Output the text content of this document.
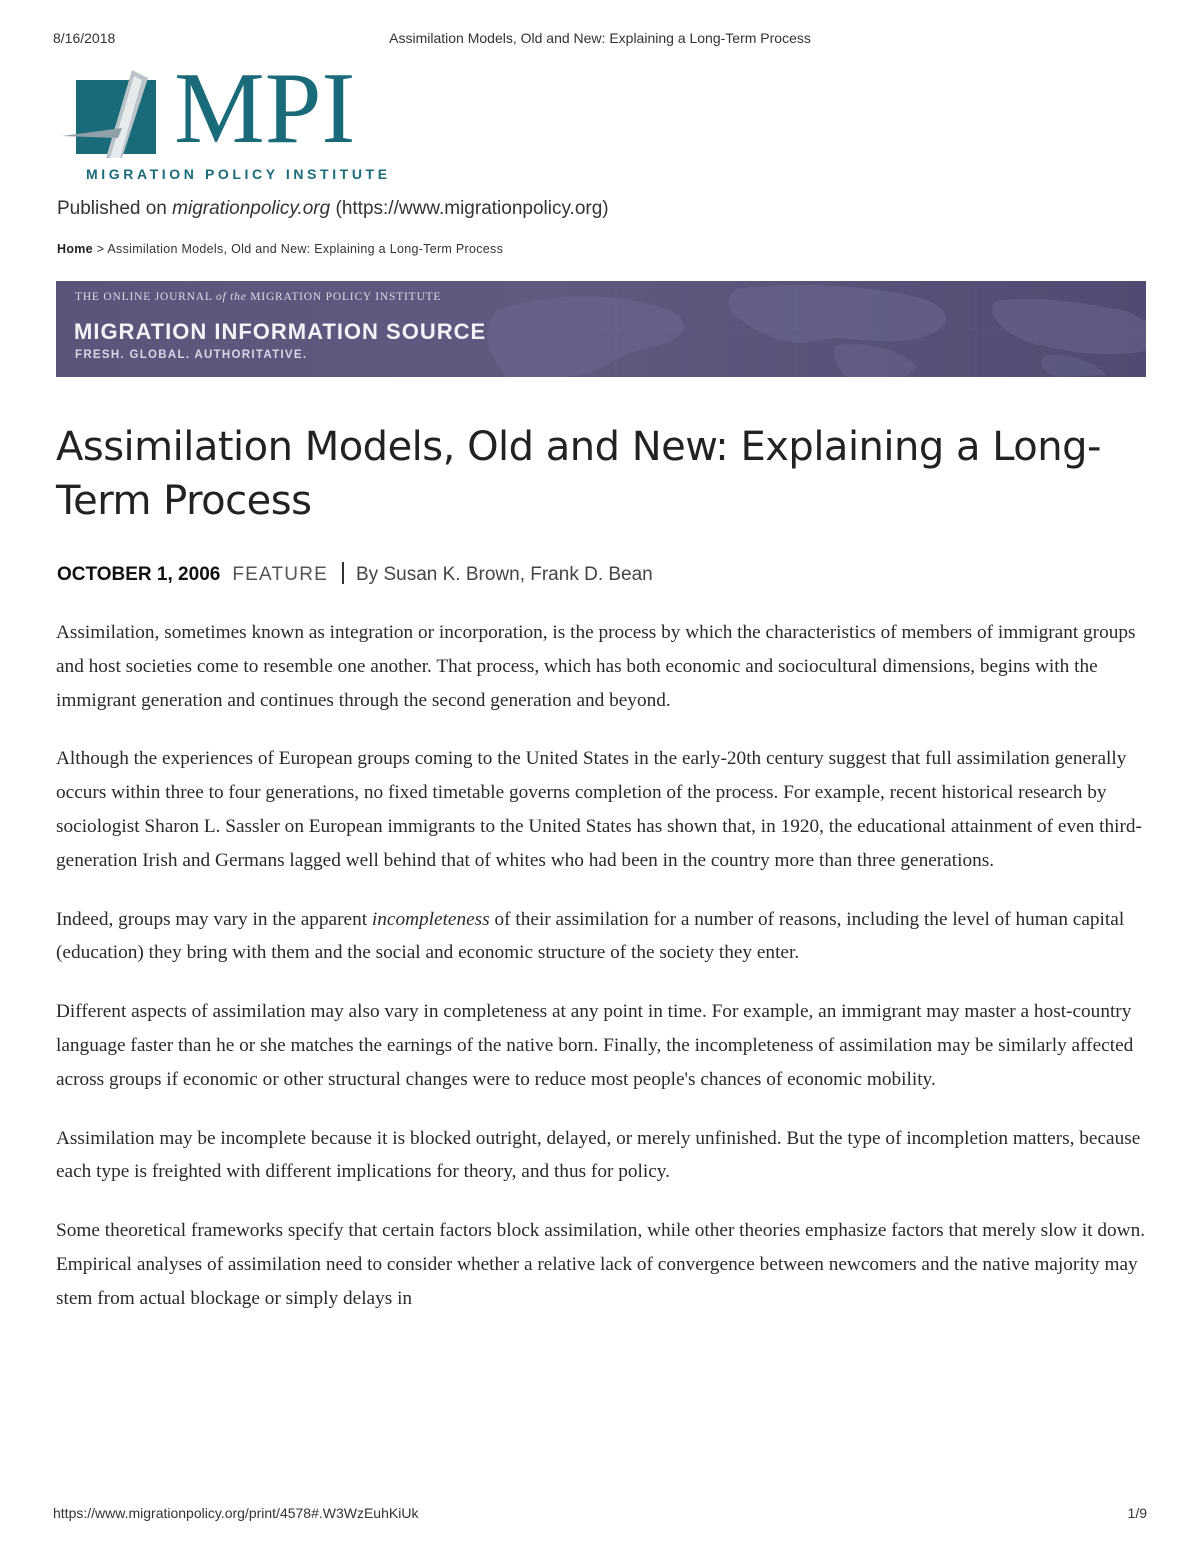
8/16/2018	Assimilation Models, Old and New: Explaining a Long-Term Process
MPI
MIGRATION POLICY INSTITUTE
Published on migrationpolicy.org (https://www.migrationpolicy.org)
Home > Assimilation Models, Old and New: Explaining a Long-Term Process
THE ONLINE JOURNAL of the MIGRATION POLICY INSTITUTE
MIGRATION INFORMATION SOURCE
FRESH. GLOBAL. AUTHORITATIVE.
Assimilation Models, Old and New: Explaining a Long-Term Process
OCTOBER 1, 2006 FEATURE By Susan K. Brown, Frank D. Bean

Assimilation, sometimes known as integration or incorporation, is the process by which the characteristics of members of immigrant groups and host societies come to resemble one another. That process, which has both economic and sociocultural dimensions, begins with the immigrant generation and continues through the second generation and beyond.

Although the experiences of European groups coming to the United States in the early-20th century suggest that full assimilation generally occurs within three to four generations, no fixed timetable governs completion of the process. For example, recent historical research by sociologist Sharon L. Sassler on European immigrants to the United States has shown that, in 1920, the educational attainment of even third-generation Irish and Germans lagged well behind that of whites who had been in the country more than three generations.

Indeed, groups may vary in the apparent incompleteness of their assimilation for a number of reasons, including the level of human capital (education) they bring with them and the social and economic structure of the society they enter.

Different aspects of assimilation may also vary in completeness at any point in time. For example, an immigrant may master a host-country language faster than he or she matches the earnings of the native born. Finally, the incompleteness of assimilation may be similarly affected across groups if economic or other structural changes were to reduce most people's chances of economic mobility.

Assimilation may be incomplete because it is blocked outright, delayed, or merely unfinished. But the type of incompletion matters, because each type is freighted with different implications for theory, and thus for policy.

Some theoretical frameworks specify that certain factors block assimilation, while other theories emphasize factors that merely slow it down. Empirical analyses of assimilation need to consider whether a relative lack of convergence between newcomers and the native majority may stem from actual blockage or simply delays in

https://www.migrationpolicy.org/print/4578#.W3WzEuhKiUk	1/9
